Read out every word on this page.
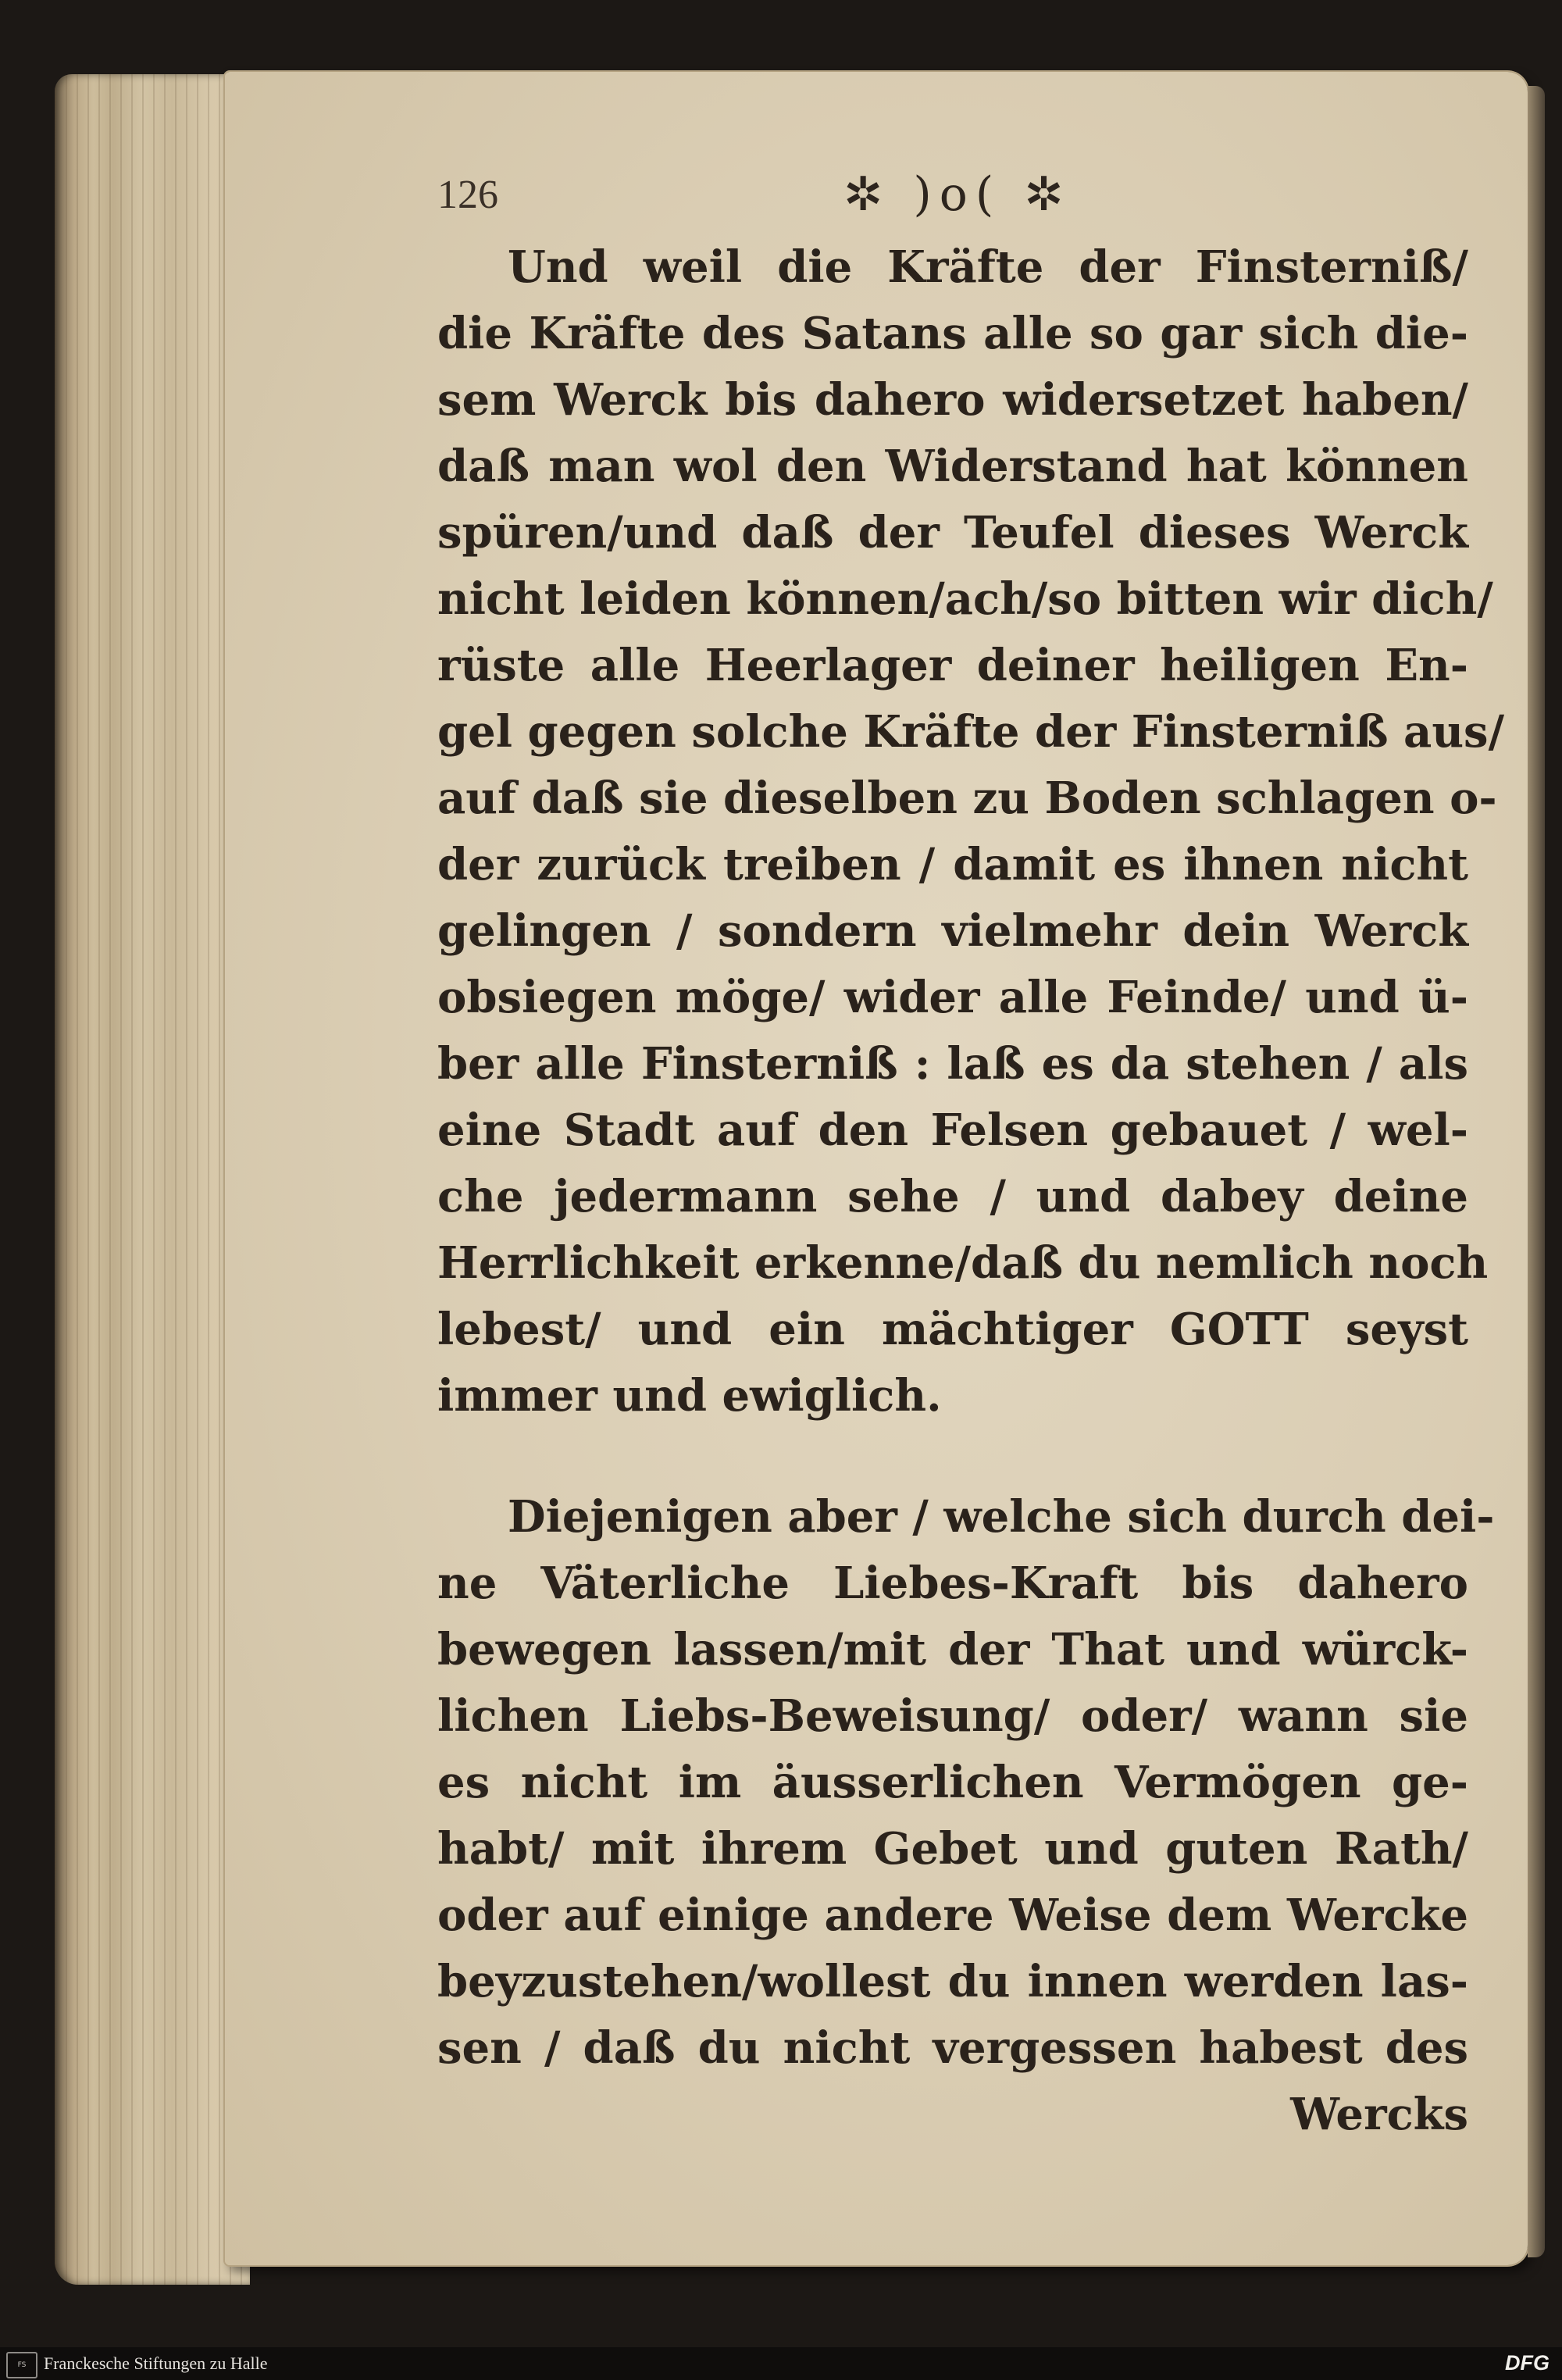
126	✲ )o( ✲

Und weil die Kräfte der Finsterniß/
die Kräfte des Satans alle so gar sich die-
sem Werck bis dahero widersetzet haben/
daß man wol den Widerstand hat können
spüren/und daß der Teufel dieses Werck
nicht leiden können/ach/so bitten wir dich/
rüste alle Heerlager deiner heiligen En-
gel gegen solche Kräfte der Finsterniß aus/
auf daß sie dieselben zu Boden schlagen o-
der zurück treiben / damit es ihnen nicht
gelingen / sondern vielmehr dein Werck
obsiegen möge/ wider alle Feinde/ und ü-
ber alle Finsterniß : laß es da stehen / als
eine Stadt auf den Felsen gebauet / wel-
che jedermann sehe / und dabey deine
Herrlichkeit erkenne/daß du nemlich noch
lebest/ und ein mächtiger GOTT seyst
immer und ewiglich.

Diejenigen aber / welche sich durch dei-
ne Väterliche Liebes-Kraft bis dahero
bewegen lassen/mit der That und würck-
lichen Liebs-Beweisung/ oder/ wann sie
es nicht im äusserlichen Vermögen ge-
habt/ mit ihrem Gebet und guten Rath/
oder auf einige andere Weise dem Wercke
beyzustehen/wollest du innen werden las-
sen / daß du nicht vergessen habest des

Wercks
FS	Franckesche Stiftungen zu Halle	DFG
